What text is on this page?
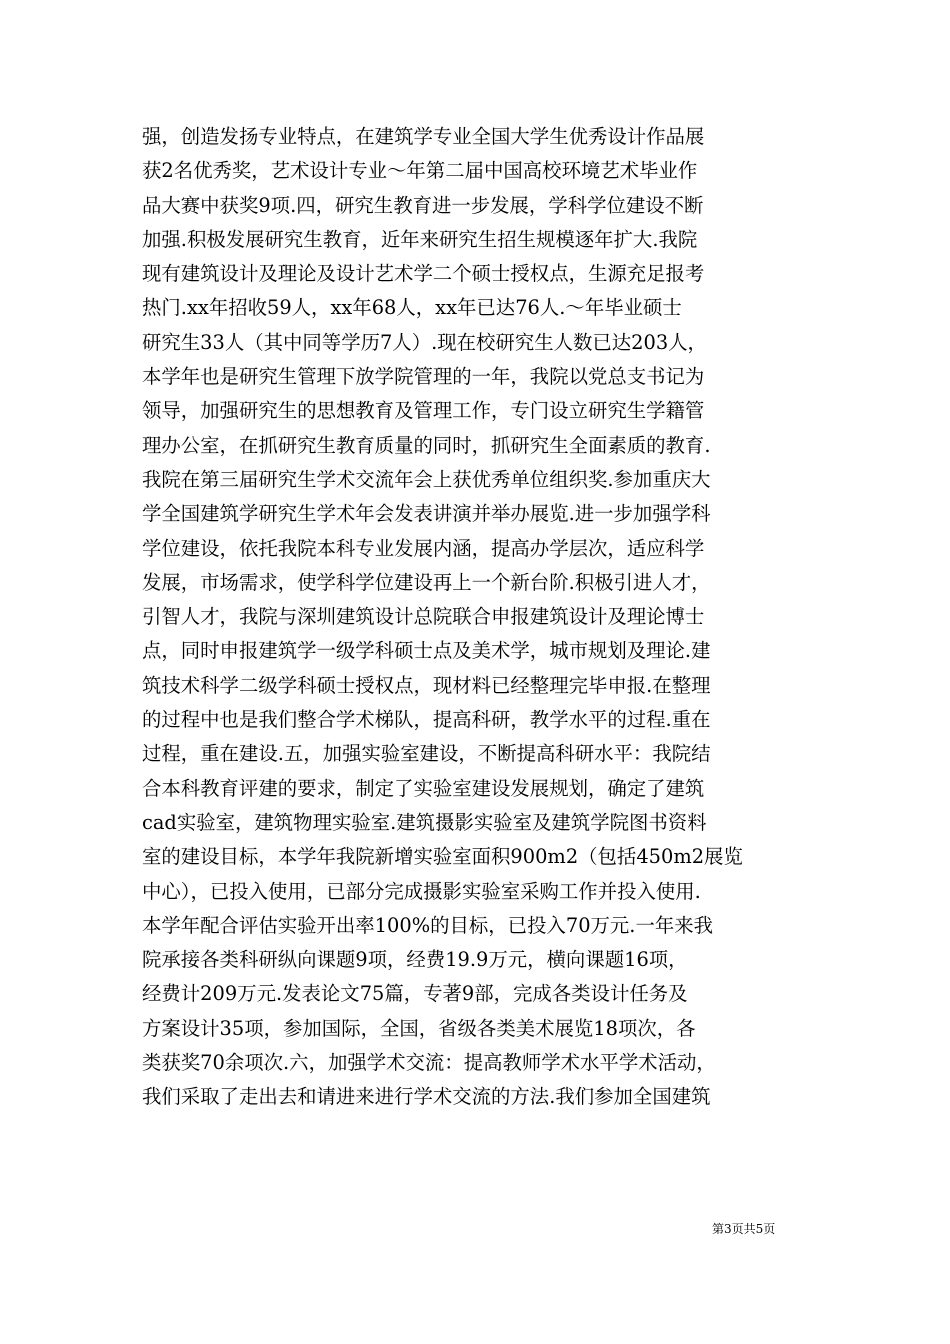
强，创造发扬专业特点，在建筑学专业全国大学生优秀设计作品展
获2名优秀奖，艺术设计专业～年第二届中国高校环境艺术毕业作
品大赛中获奖9项.四，研究生教育进一步发展，学科学位建设不断
加强.积极发展研究生教育，近年来研究生招生规模逐年扩大.我院
现有建筑设计及理论及设计艺术学二个硕士授权点，生源充足报考
热门.xx年招收59人，xx年68人，xx年已达76人.～年毕业硕士
研究生33人（其中同等学历7人）.现在校研究生人数已达203人，
本学年也是研究生管理下放学院管理的一年，我院以党总支书记为
领导，加强研究生的思想教育及管理工作，专门设立研究生学籍管
理办公室，在抓研究生教育质量的同时，抓研究生全面素质的教育.
我院在第三届研究生学术交流年会上获优秀单位组织奖.参加重庆大
学全国建筑学研究生学术年会发表讲演并举办展览.进一步加强学科
学位建设，依托我院本科专业发展内涵，提高办学层次，适应科学
发展，市场需求，使学科学位建设再上一个新台阶.积极引进人才，
引智人才，我院与深圳建筑设计总院联合申报建筑设计及理论博士
点，同时申报建筑学一级学科硕士点及美术学，城市规划及理论.建
筑技术科学二级学科硕士授权点，现材料已经整理完毕申报.在整理
的过程中也是我们整合学术梯队，提高科研，教学水平的过程.重在
过程，重在建设.五，加强实验室建设，不断提高科研水平：我院结
合本科教育评建的要求，制定了实验室建设发展规划，确定了建筑
cad实验室，建筑物理实验室.建筑摄影实验室及建筑学院图书资料
室的建设目标，本学年我院新增实验室面积900m2（包括450m2展览
中心），已投入使用，已部分完成摄影实验室采购工作并投入使用.
本学年配合评估实验开出率100%的目标，已投入70万元.一年来我
院承接各类科研纵向课题9项，经费19.9万元，横向课题16项，
经费计209万元.发表论文75篇，专著9部，完成各类设计任务及
方案设计35项，参加国际，全国，省级各类美术展览18项次，各
类获奖70余项次.六，加强学术交流：提高教师学术水平学术活动，
我们采取了走出去和请进来进行学术交流的方法.我们参加全国建筑
第3页共5页
